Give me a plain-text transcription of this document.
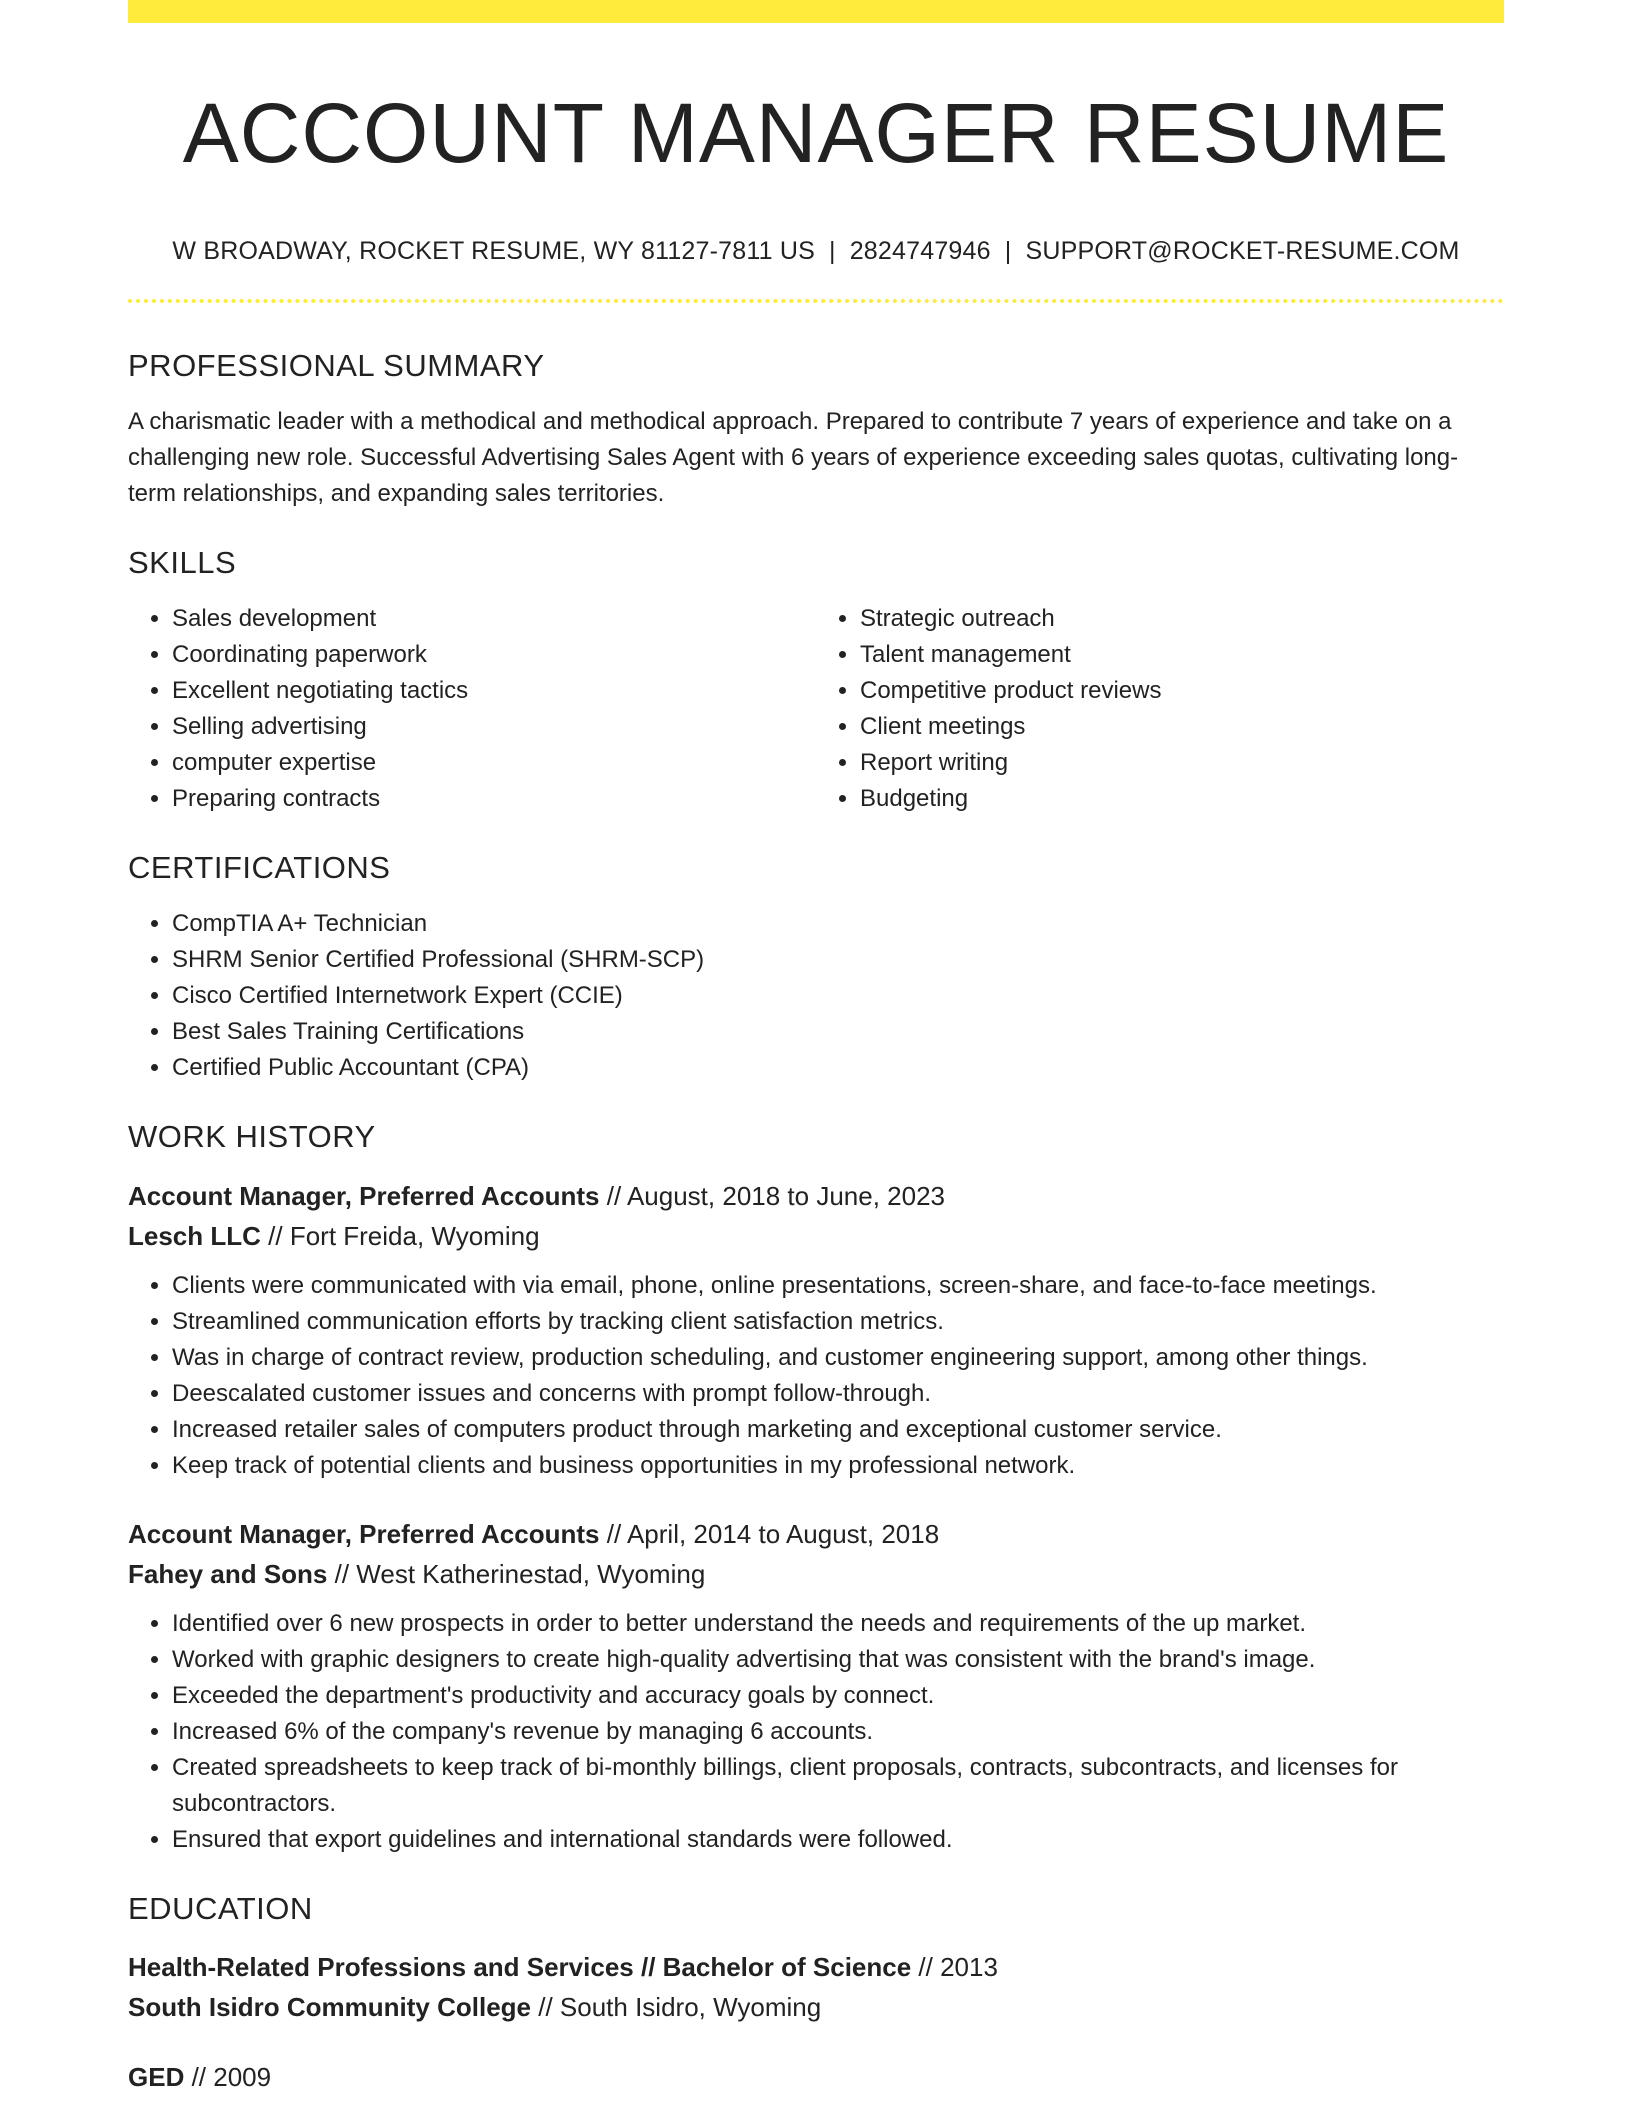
ACCOUNT MANAGER RESUME
W BROADWAY, ROCKET RESUME, WY 81127-7811 US | 2824747946 | SUPPORT@ROCKET-RESUME.COM
PROFESSIONAL SUMMARY

A charismatic leader with a methodical and methodical approach. Prepared to contribute 7 years of experience and take on a challenging new role. Successful Advertising Sales Agent with 6 years of experience exceeding sales quotas, cultivating long-term relationships, and expanding sales territories.

SKILLS
• Sales development
• Coordinating paperwork
• Excellent negotiating tactics
• Selling advertising
• computer expertise
• Preparing contracts
• Strategic outreach
• Talent management
• Competitive product reviews
• Client meetings
• Report writing
• Budgeting
CERTIFICATIONS
• CompTIA A+ Technician
• SHRM Senior Certified Professional (SHRM-SCP)
• Cisco Certified Internetwork Expert (CCIE)
• Best Sales Training Certifications
• Certified Public Accountant (CPA)
WORK HISTORY
Account Manager, Preferred Accounts // August, 2018 to June, 2023
Lesch LLC // Fort Freida, Wyoming
• Clients were communicated with via email, phone, online presentations, screen-share, and face-to-face meetings.
• Streamlined communication efforts by tracking client satisfaction metrics.
• Was in charge of contract review, production scheduling, and customer engineering support, among other things.
• Deescalated customer issues and concerns with prompt follow-through.
• Increased retailer sales of computers product through marketing and exceptional customer service.
• Keep track of potential clients and business opportunities in my professional network.
Account Manager, Preferred Accounts // April, 2014 to August, 2018
Fahey and Sons // West Katherinestad, Wyoming
• Identified over 6 new prospects in order to better understand the needs and requirements of the up market.
• Worked with graphic designers to create high-quality advertising that was consistent with the brand's image.
• Exceeded the department's productivity and accuracy goals by connect.
• Increased 6% of the company's revenue by managing 6 accounts.
• Created spreadsheets to keep track of bi-monthly billings, client proposals, contracts, subcontracts, and licenses for subcontractors.
• Ensured that export guidelines and international standards were followed.
EDUCATION
Health-Related Professions and Services // Bachelor of Science // 2013
South Isidro Community College // South Isidro, Wyoming
GED // 2009
